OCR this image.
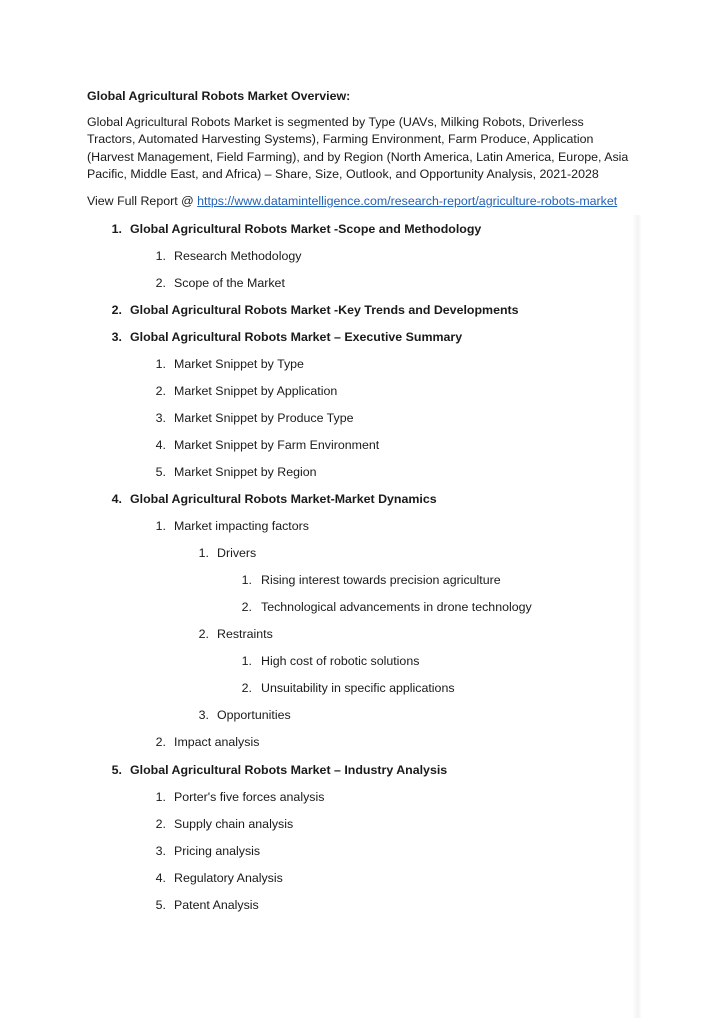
Global Agricultural Robots Market Overview:

Global Agricultural Robots Market is segmented by Type (UAVs, Milking Robots, Driverless Tractors, Automated Harvesting Systems), Farming Environment, Farm Produce, Application (Harvest Management, Field Farming), and by Region (North America, Latin America, Europe, Asia Pacific, Middle East, and Africa) – Share, Size, Outlook, and Opportunity Analysis, 2021-2028

View Full Report @ https://www.datamintelligence.com/research-report/agriculture-robots-market
1. Global Agricultural Robots Market -Scope and Methodology
1. Research Methodology
2. Scope of the Market
2. Global Agricultural Robots Market -Key Trends and Developments
3. Global Agricultural Robots Market – Executive Summary
1. Market Snippet by Type
2. Market Snippet by Application
3. Market Snippet by Produce Type
4. Market Snippet by Farm Environment
5. Market Snippet by Region
4. Global Agricultural Robots Market-Market Dynamics
1. Market impacting factors
1. Drivers
1. Rising interest towards precision agriculture
2. Technological advancements in drone technology
2. Restraints
1. High cost of robotic solutions
2. Unsuitability in specific applications
3. Opportunities
2. Impact analysis
5. Global Agricultural Robots Market – Industry Analysis
1. Porter's five forces analysis
2. Supply chain analysis
3. Pricing analysis
4. Regulatory Analysis
5. Patent Analysis
